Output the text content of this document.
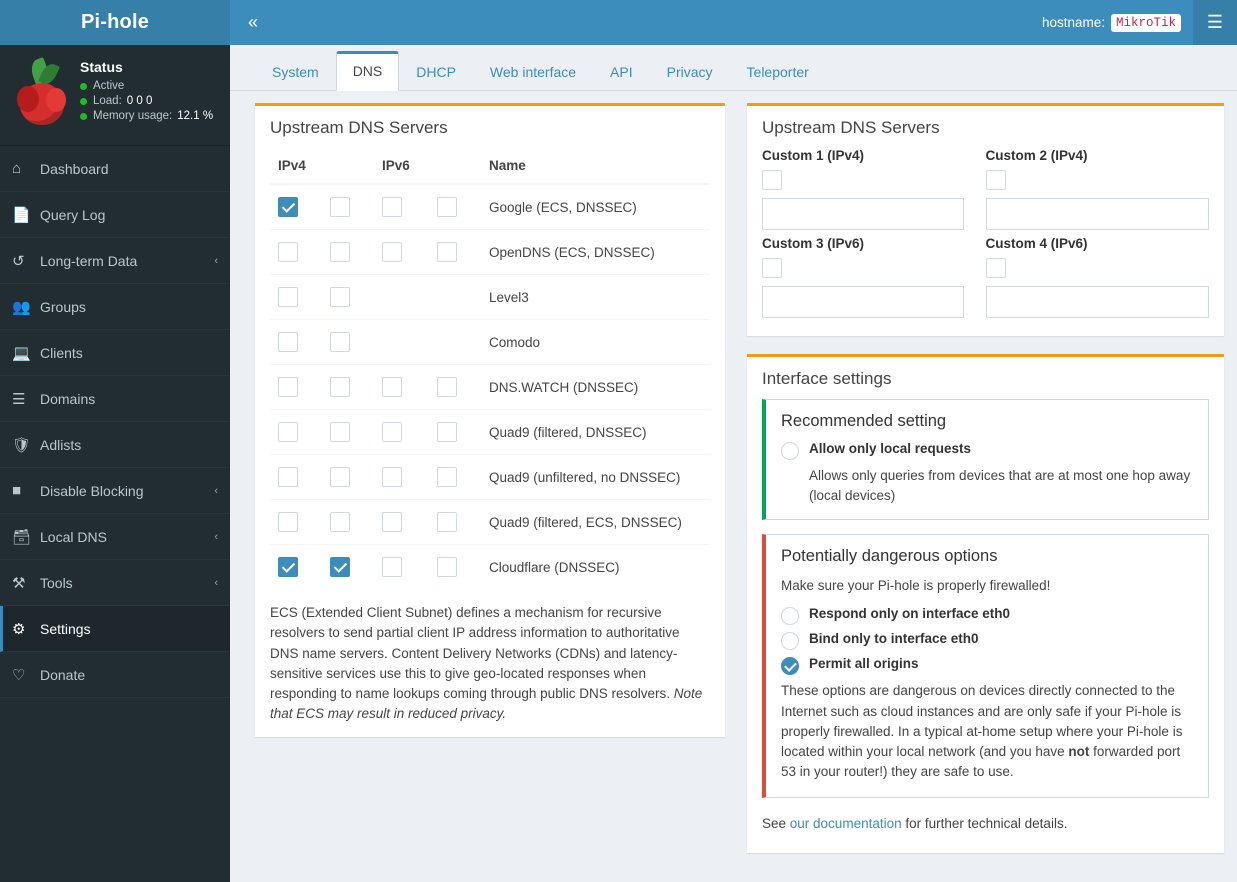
Pi-hole
Status
Active
Load: 0 0 0
Memory usage: 12.1 %
⌂	Dashboard
📄 Query Log
↺	Long-term Data	‹
👥 Groups
💻 Clients
☰	Domains
🛡 Adlists
■	Disable Blocking	‹
🗃 Local DNS	‹
⚒	Tools	‹
⚙	Settings
♡	Donate
«	hostname: MikroTik	☰
System	DNS	DHCP	Web interface	API	Privacy	Teleporter
Upstream DNS Servers
IPv4		IPv6		Name
				Google (ECS, DNSSEC)
				OpenDNS (ECS, DNSSEC)
				Level3
				Comodo
				DNS.WATCH (DNSSEC)
				Quad9 (filtered, DNSSEC)
				Quad9 (unfiltered, no DNSSEC)
				Quad9 (filtered, ECS, DNSSEC)
				Cloudflare (DNSSEC)
ECS (Extended Client Subnet) defines a mechanism for recursive resolvers to send partial client IP address information to authoritative DNS name servers. Content Delivery Networks (CDNs) and latency-sensitive services use this to give geo-located responses when responding to name lookups coming through public DNS resolvers. Note that ECS may result in reduced privacy.
Upstream DNS Servers
Custom 1 (IPv4)	Custom 2 (IPv4)
Custom 3 (IPv6)	Custom 4 (IPv6)
Interface settings
Recommended setting
Allow only local requests
Allows only queries from devices that are at most one hop away (local devices)
Potentially dangerous options
Make sure your Pi-hole is properly firewalled!
Respond only on interface eth0
Bind only to interface eth0
Permit all origins
These options are dangerous on devices directly connected to the Internet such as cloud instances and are only safe if your Pi-hole is properly firewalled. In a typical at-home setup where your Pi-hole is located within your local network (and you have not forwarded port 53 in your router!) they are safe to use.
See our documentation for further technical details.
